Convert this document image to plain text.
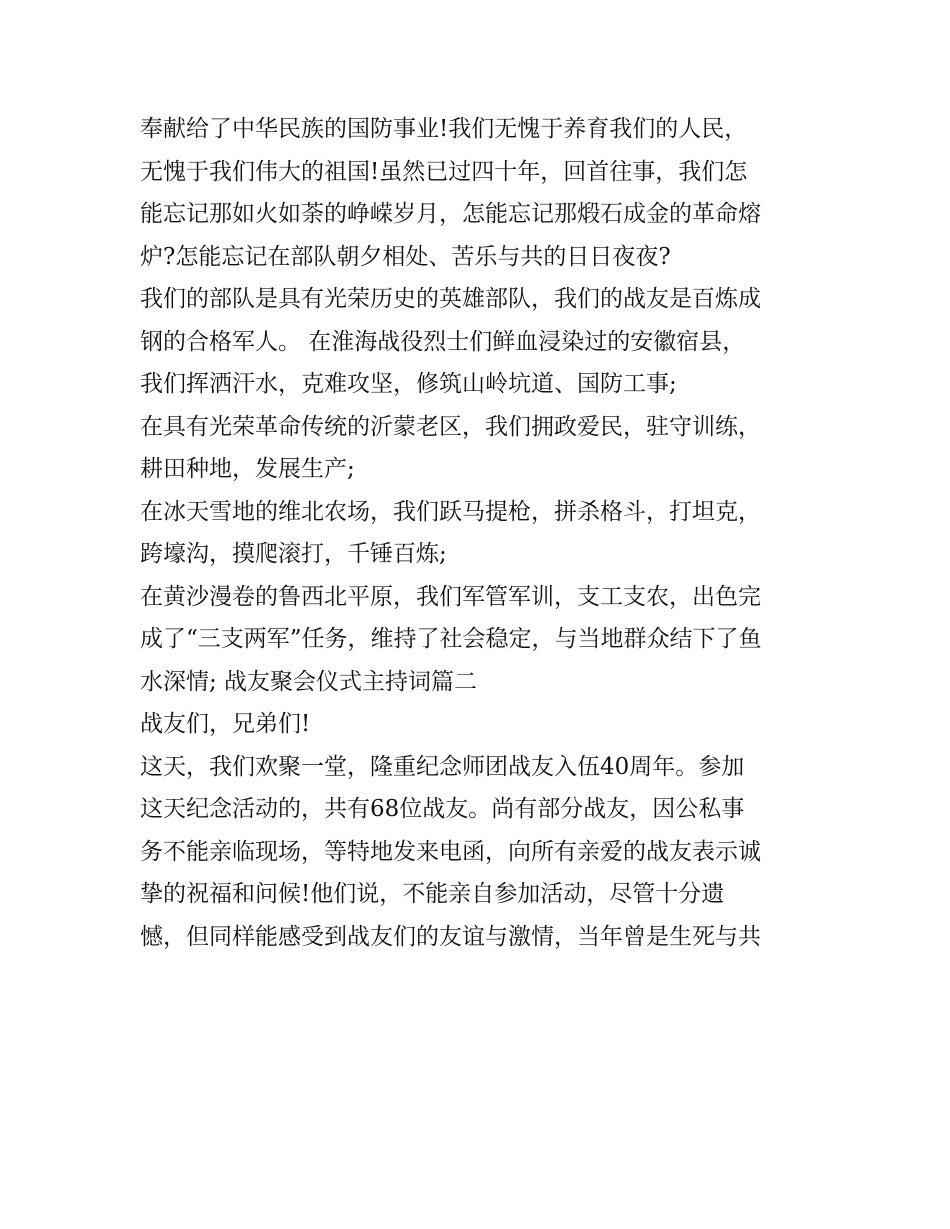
奉献给了中华民族的国防事业!我们无愧于养育我们的人民，
无愧于我们伟大的祖国!虽然已过四十年，回首往事，我们怎
能忘记那如火如荼的峥嵘岁月，怎能忘记那煅石成金的革命熔
炉?怎能忘记在部队朝夕相处、苦乐与共的日日夜夜?
我们的部队是具有光荣历史的英雄部队，我们的战友是百炼成
钢的合格军人。 在淮海战役烈士们鲜血浸染过的安徽宿县，
我们挥洒汗水，克难攻坚，修筑山岭坑道、国防工事;
在具有光荣革命传统的沂蒙老区，我们拥政爱民，驻守训练，
耕田种地，发展生产;
在冰天雪地的维北农场，我们跃马提枪，拼杀格斗，打坦克，
跨壕沟，摸爬滚打，千锤百炼;
在黄沙漫卷的鲁西北平原，我们军管军训，支工支农，出色完
成了“三支两军”任务，维持了社会稳定，与当地群众结下了鱼
水深情; 战友聚会仪式主持词篇二
战友们，兄弟们!
这天，我们欢聚一堂，隆重纪念师团战友入伍40周年。参加
这天纪念活动的，共有68位战友。尚有部分战友，因公私事
务不能亲临现场，等特地发来电函，向所有亲爱的战友表示诚
挚的祝福和问候!他们说，不能亲自参加活动，尽管十分遗
憾，但同样能感受到战友们的友谊与激情，当年曾是生死与共
